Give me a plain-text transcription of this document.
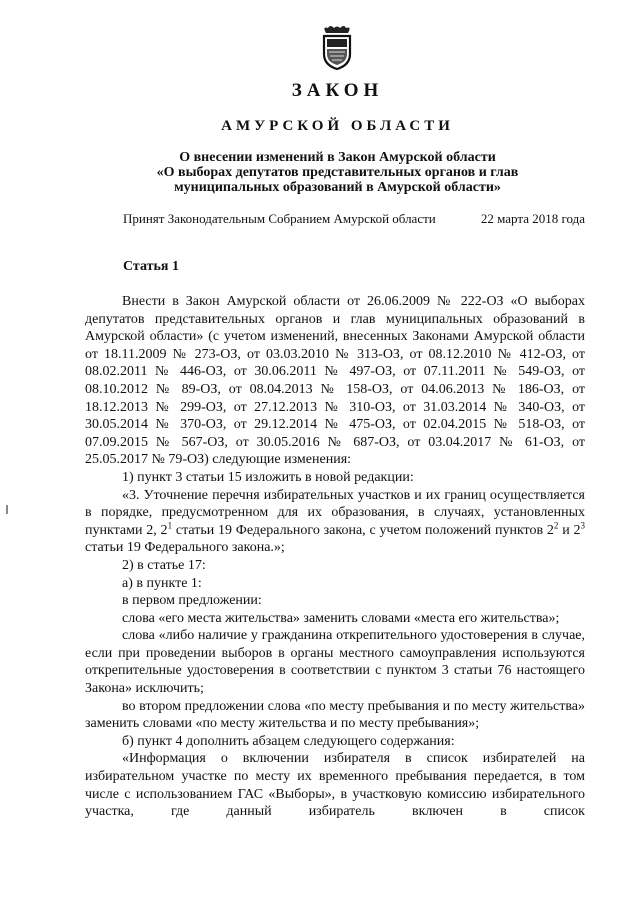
ЗАКОН
АМУРСКОЙ ОБЛАСТИ
О внесении изменений в Закон Амурской области
«О выборах депутатов представительных органов и глав
муниципальных образований в Амурской области»
Принят Законодательным Собранием Амурской области	22 марта 2018 года
Статья 1

Внести в Закон Амурской области от 26.06.2009 № 222-ОЗ «О выборах депутатов представительных органов и глав муниципальных образований в Амурской области» (с учетом изменений, внесенных Законами Амурской области от 18.11.2009 № 273-ОЗ, от 03.03.2010 № 313-ОЗ, от 08.12.2010 № 412-ОЗ, от 08.02.2011 № 446-ОЗ, от 30.06.2011 № 497-ОЗ, от 07.11.2011 № 549-ОЗ, от 08.10.2012 № 89-ОЗ, от 08.04.2013 № 158-ОЗ, от 04.06.2013 № 186-ОЗ, от 18.12.2013 № 299-ОЗ, от 27.12.2013 № 310-ОЗ, от 31.03.2014 № 340-ОЗ, от 30.05.2014 № 370-ОЗ, от 29.12.2014 № 475-ОЗ, от 02.04.2015 № 518-ОЗ, от 07.09.2015 № 567-ОЗ, от 30.05.2016 № 687-ОЗ, от 03.04.2017 № 61-ОЗ, от 25.05.2017 № 79-ОЗ) следующие изменения:

1) пункт 3 статьи 15 изложить в новой редакции:

«3. Уточнение перечня избирательных участков и их границ осуществляется в порядке, предусмотренном для их образования, в случаях, установленных пунктами 2, $2^1$ статьи 19 Федерального закона, с учетом положений пунктов $2^2$ и $2^3$ статьи 19 Федерального закона.»;

2) в статье 17:

а) в пункте 1:

в первом предложении:

слова «его места жительства» заменить словами «места его жительства»;

слова «либо наличие у гражданина открепительного удостоверения в случае, если при проведении выборов в органы местного самоуправления используются открепительные удостоверения в соответствии с пунктом 3 статьи 76 настоящего Закона» исключить;

во втором предложении слова «по месту пребывания и по месту жительства» заменить словами «по месту жительства и по месту пребывания»;

б) пункт 4 дополнить абзацем следующего содержания:

«Информация о включении избирателя в список избирателей на избирательном участке по месту их временного пребывания передается, в том числе с использованием ГАС «Выборы», в участковую комиссию избирательного участка, где данный избиратель включен в список
